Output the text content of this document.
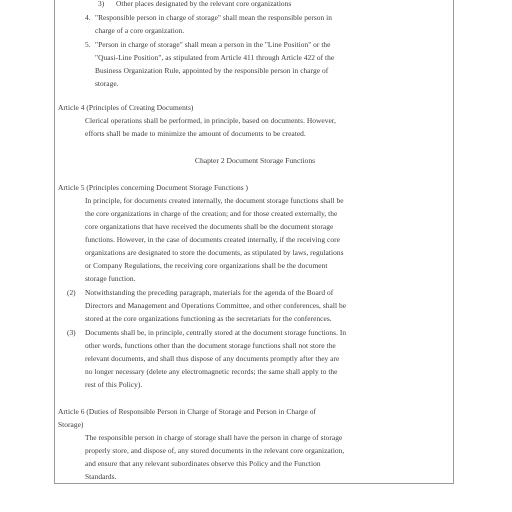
3) Other places designated by the relevant core organizations
4. "Responsible person in charge of storage" shall mean the responsible person in
charge of a core organization.
5. "Person in charge of storage" shall mean a person in the "Line Position" or the
"Quasi-Line Position", as stipulated from Article 411 through Article 422 of the
Business Organization Rule, appointed by the responsible person in charge of
storage.
Article 4 (Principles of Creating Documents)
Clerical operations shall be performed, in principle, based on documents. However,
efforts shall be made to minimize the amount of documents to be created.
Chapter 2 Document Storage Functions
Article 5 (Principles concerning Document Storage Functions )
In principle, for documents created internally, the document storage functions shall be
the core organizations in charge of the creation; and for those created externally, the
core organizations that have received the documents shall be the document storage
functions. However, in the case of documents created internally, if the receiving core
organizations are designated to store the documents, as stipulated by laws, regulations
or Company Regulations, the receiving core organizations shall be the document
storage function.
(2) Notwithstanding the preceding paragraph, materials for the agenda of the Board of
Directors and Management and Operations Committee, and other conferences, shall be
stored at the core organizations functioning as the secretariats for the conferences.
(3) Documents shall be, in principle, centrally stored at the document storage functions. In
other words, functions other than the document storage functions shall not store the
relevant documents, and shall thus dispose of any documents promptly after they are
no longer necessary (delete any electromagnetic records; the same shall apply to the
rest of this Policy).
Article 6 (Duties of Responsible Person in Charge of Storage and Person in Charge of
Storage)
The responsible person in charge of storage shall have the person in charge of storage
properly store, and dispose of, any stored documents in the relevant core organization,
and ensure that any relevant subordinates observe this Policy and the Function
Standards.
